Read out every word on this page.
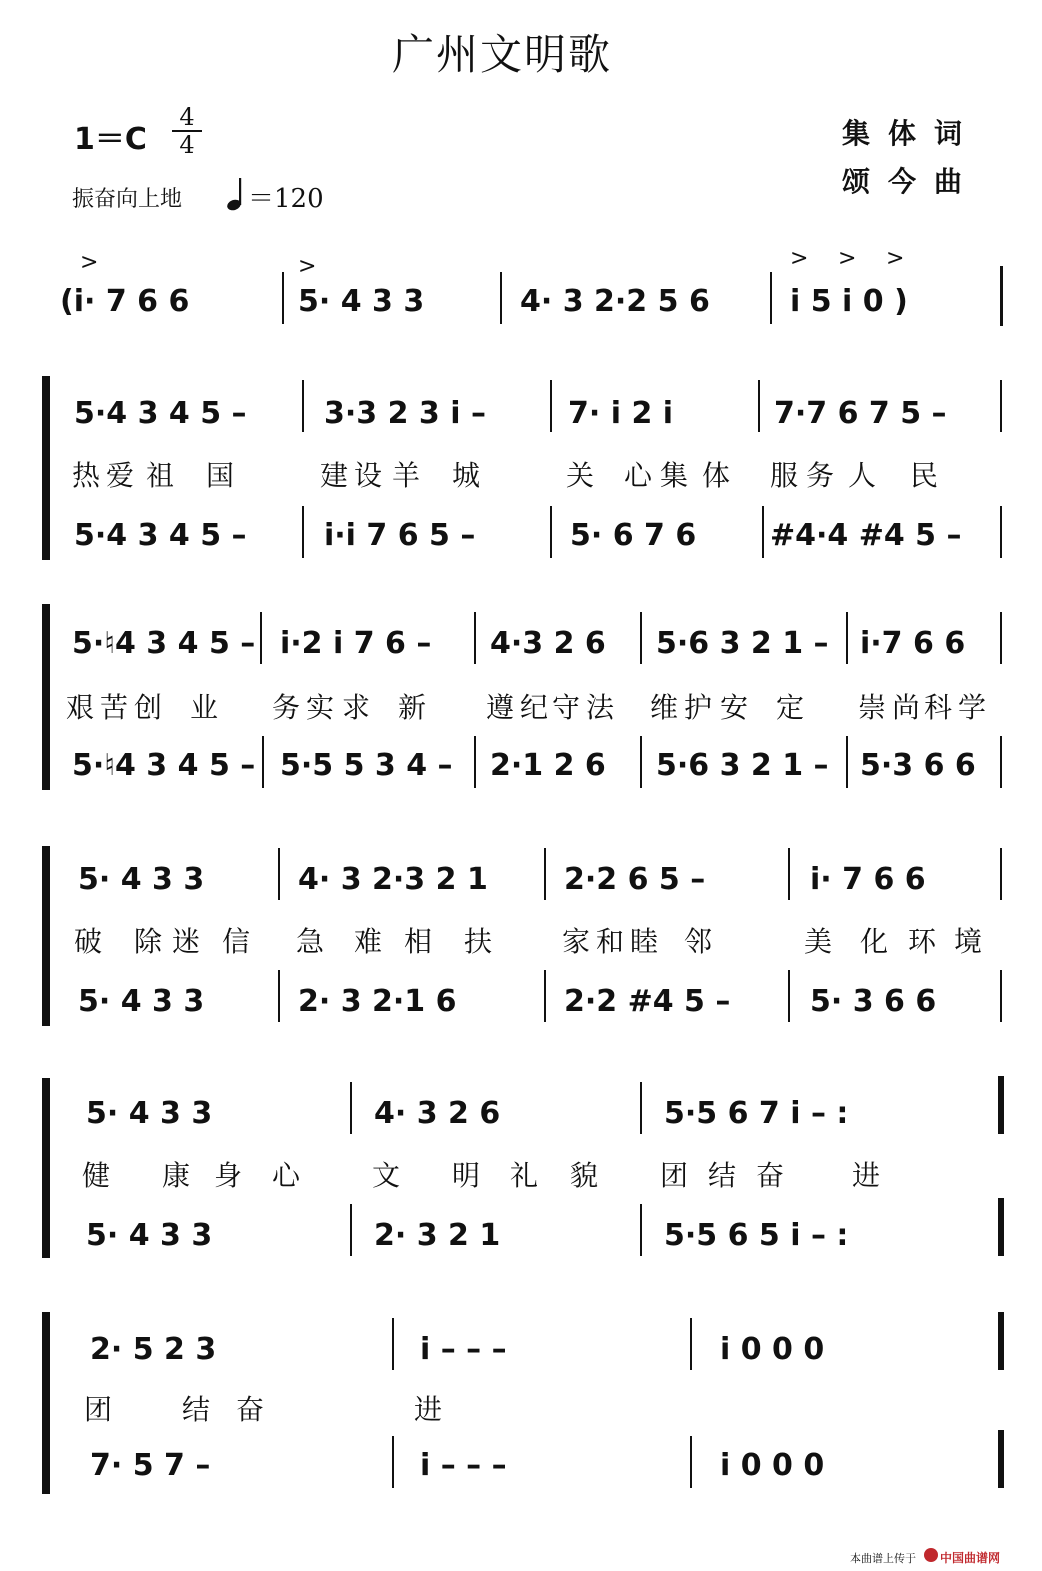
广州文明歌
1＝C
4
4
振奋向上地	＝120
集体词
颂今曲
>	>	> > >
(i· 7 6 6	5· 4 3 3	4· 3 2·2 5 6	i 5 i 0 )
5·4 3 4 5 –	3·3 2 3 i –	7· i 2 i	7·7 6 7 5 –
热 爱 祖 国	建 设 羊 城	关 心 集 体 服 务 人 民
5·4 3 4 5 –	i·i 7 6 5 –	5· 6 7 6 #4·4 #4 5 –
5·♮4 3 4 5 – i·2 i 7 6 – 4·3 2 6 5·6 3 2 1 – i·7 6 6
艰 苦 创 业 务 实 求 新 遵 纪 守 法 维 护 安 定 崇 尚 科 学
5·♮4 3 4 5 – 5·5 5 3 4 – 2·1 2 6 5·6 3 2 1 – 5·3 6 6
5· 4 3 3	4· 3 2·3 2 1	2·2 6 5 –	i· 7 6 6
破 除 迷 信 急 难 相 扶 家 和 睦 邻	美 化 环 境
5· 4 3 3	2· 3 2·1 6	2·2 #4 5 –	5· 3 6 6
5· 4 3 3	4· 3 2 6	5·5 6 7 i – :
健 康 身 心	文 明 礼 貌 团 结 奋 进
5· 4 3 3	2· 3 2 1	5·5 6 5 i – :
2· 5 2 3	i – – –	i 0 0 0
团 结 奋	进
7· 5 7 –	i – – –	i 0 0 0
本曲谱上传于 中国曲谱网
